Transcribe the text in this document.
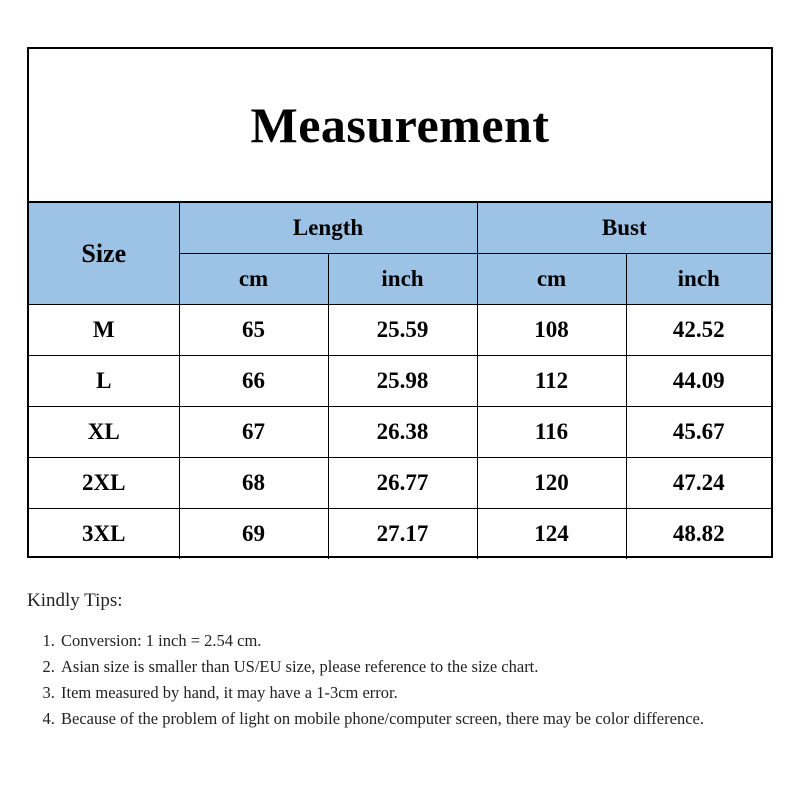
Measurement
Size	Length		Bust	
	cm	inch	cm	inch
M	65	25.59	108	42.52
L	66	25.98	112	44.09
XL	67	26.38	116	45.67
2XL	68	26.77	120	47.24
3XL	69	27.17	124	48.82
Kindly Tips:
1. Conversion: 1 inch = 2.54 cm.
2. Asian size is smaller than US/EU size, please reference to the size chart.
3. Item measured by hand, it may have a 1-3cm error.
4. Because of the problem of light on mobile phone/computer screen, there may be color difference.
